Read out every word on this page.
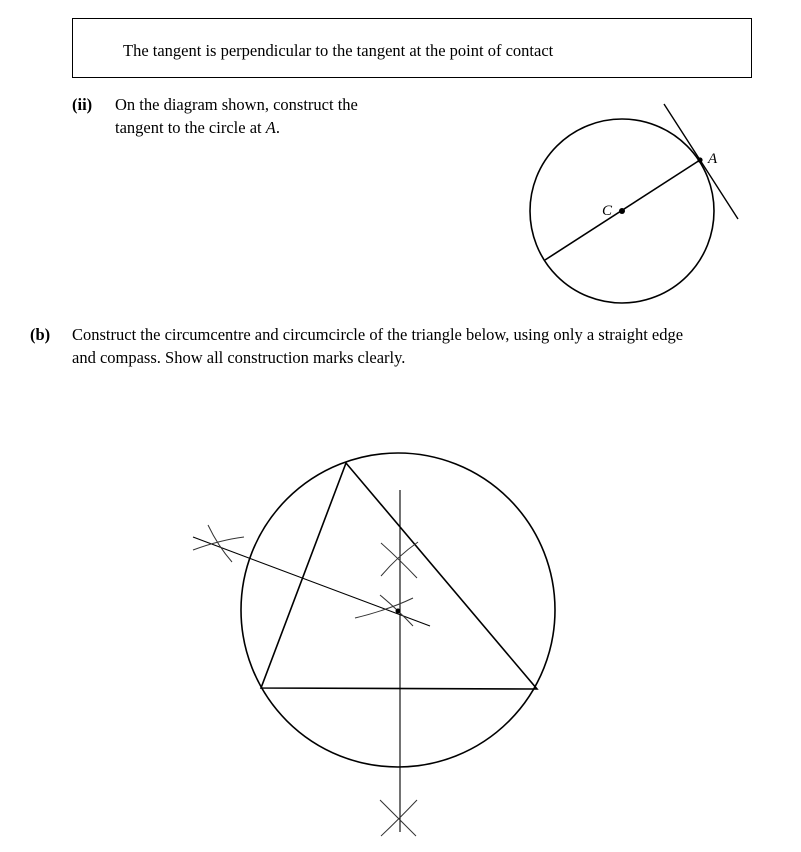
The tangent is perpendicular to the tangent at the point of contact
(ii) On the diagram shown, construct the
tangent to the circle at A.
(b) Construct the circumcentre and circumcircle of the triangle below, using only a straight edge
and compass. Show all construction marks clearly.
C
A
